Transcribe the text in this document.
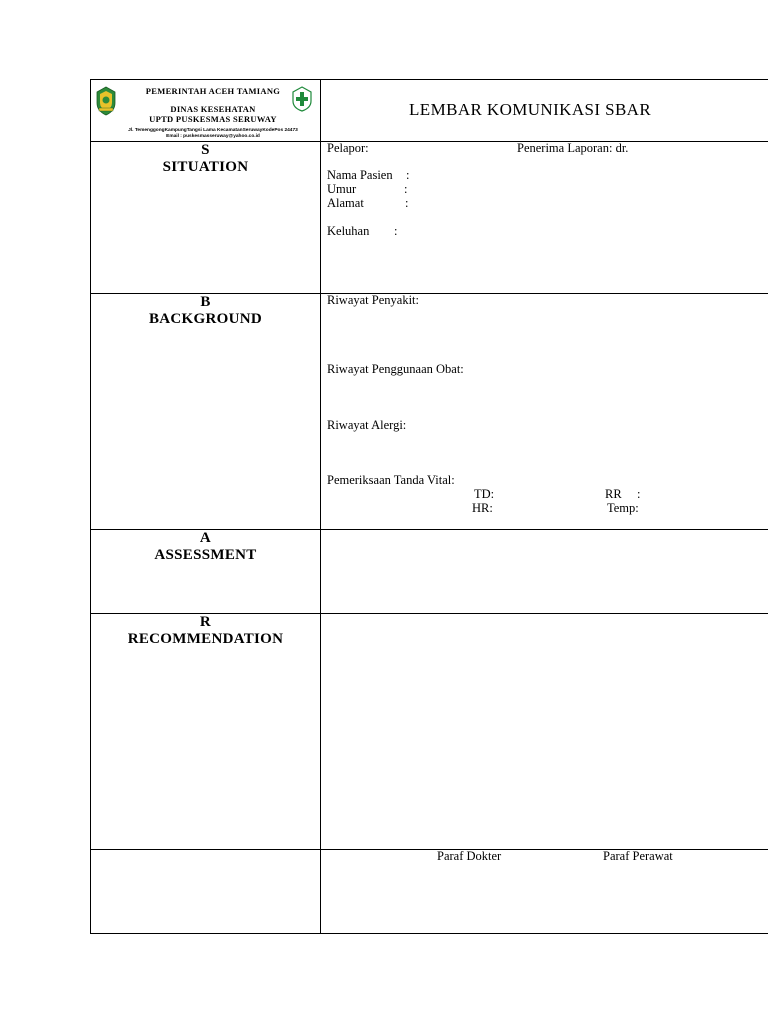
PEMERINTAH ACEH TAMIANG
DINAS KESEHATAN
UPTD PUSKESMAS SERUWAY
Jl. TemenggongKampungTangsi Lama KecamatanSeruwayKodePos 24473
Email : puskesmasseruway@yahoo.co.id
LEMBAR KOMUNIKASI SBAR
S
SITUATION
Pelapor:	Penerima Laporan: dr.
Nama Pasien :
Umur	:
Alamat	:
Keluhan :
B
BACKGROUND
Riwayat Penyakit:
Riwayat Penggunaan Obat:
Riwayat Alergi:
Pemeriksaan Tanda Vital:
TD:	RR :
HR:	Temp:
A
ASSESSMENT
R
RECOMMENDATION
Paraf Dokter	Paraf Perawat
